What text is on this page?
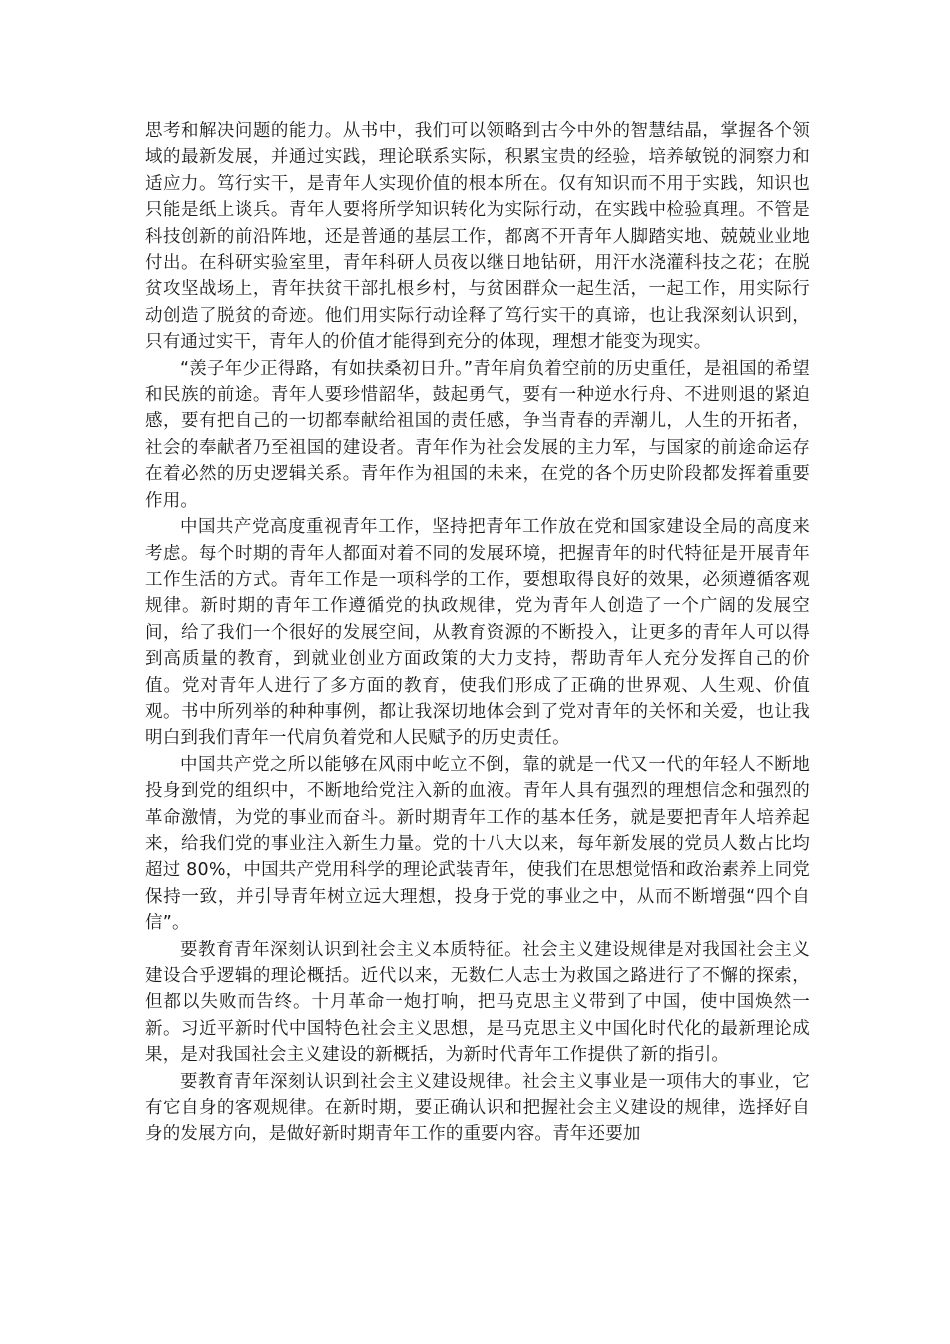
思考和解决问题的能力。从书中，我们可以领略到古今中外的智慧结晶，掌握各个领域的最新发展，并通过实践，理论联系实际，积累宝贵的经验，培养敏锐的洞察力和适应力。笃行实干，是青年人实现价值的根本所在。仅有知识而不用于实践，知识也只能是纸上谈兵。青年人要将所学知识转化为实际行动，在实践中检验真理。不管是科技创新的前沿阵地，还是普通的基层工作，都离不开青年人脚踏实地、兢兢业业地付出。在科研实验室里，青年科研人员夜以继日地钻研，用汗水浇灌科技之花；在脱贫攻坚战场上，青年扶贫干部扎根乡村，与贫困群众一起生活，一起工作，用实际行动创造了脱贫的奇迹。他们用实际行动诠释了笃行实干的真谛，也让我深刻认识到，只有通过实干，青年人的价值才能得到充分的体现，理想才能变为现实。

“羡子年少正得路，有如扶桑初日升。”青年肩负着空前的历史重任，是祖国的希望和民族的前途。青年人要珍惜韶华，鼓起勇气，要有一种逆水行舟、不进则退的紧迫感，要有把自己的一切都奉献给祖国的责任感，争当青春的弄潮儿，人生的开拓者，社会的奉献者乃至祖国的建设者。青年作为社会发展的主力军，与国家的前途命运存在着必然的历史逻辑关系。青年作为祖国的未来，在党的各个历史阶段都发挥着重要作用。

中国共产党高度重视青年工作，坚持把青年工作放在党和国家建设全局的高度来考虑。每个时期的青年人都面对着不同的发展环境，把握青年的时代特征是开展青年工作生活的方式。青年工作是一项科学的工作，要想取得良好的效果，必须遵循客观规律。新时期的青年工作遵循党的执政规律，党为青年人创造了一个广阔的发展空间，给了我们一个很好的发展空间，从教育资源的不断投入，让更多的青年人可以得到高质量的教育，到就业创业方面政策的大力支持，帮助青年人充分发挥自己的价值。党对青年人进行了多方面的教育，使我们形成了正确的世界观、人生观、价值观。书中所列举的种种事例，都让我深切地体会到了党对青年的关怀和关爱，也让我明白到我们青年一代肩负着党和人民赋予的历史责任。

中国共产党之所以能够在风雨中屹立不倒，靠的就是一代又一代的年轻人不断地投身到党的组织中，不断地给党注入新的血液。青年人具有强烈的理想信念和强烈的革命激情，为党的事业而奋斗。新时期青年工作的基本任务，就是要把青年人培养起来，给我们党的事业注入新生力量。党的十八大以来，每年新发展的党员人数占比均超过 80%，中国共产党用科学的理论武装青年，使我们在思想觉悟和政治素养上同党保持一致，并引导青年树立远大理想，投身于党的事业之中，从而不断增强“四个自信”。

要教育青年深刻认识到社会主义本质特征。社会主义建设规律是对我国社会主义建设合乎逻辑的理论概括。近代以来，无数仁人志士为救国之路进行了不懈的探索，但都以失败而告终。十月革命一炮打响，把马克思主义带到了中国，使中国焕然一新。习近平新时代中国特色社会主义思想，是马克思主义中国化时代化的最新理论成果，是对我国社会主义建设的新概括，为新时代青年工作提供了新的指引。

要教育青年深刻认识到社会主义建设规律。社会主义事业是一项伟大的事业，它有它自身的客观规律。在新时期，要正确认识和把握社会主义建设的规律，选择好自身的发展方向，是做好新时期青年工作的重要内容。青年还要加
